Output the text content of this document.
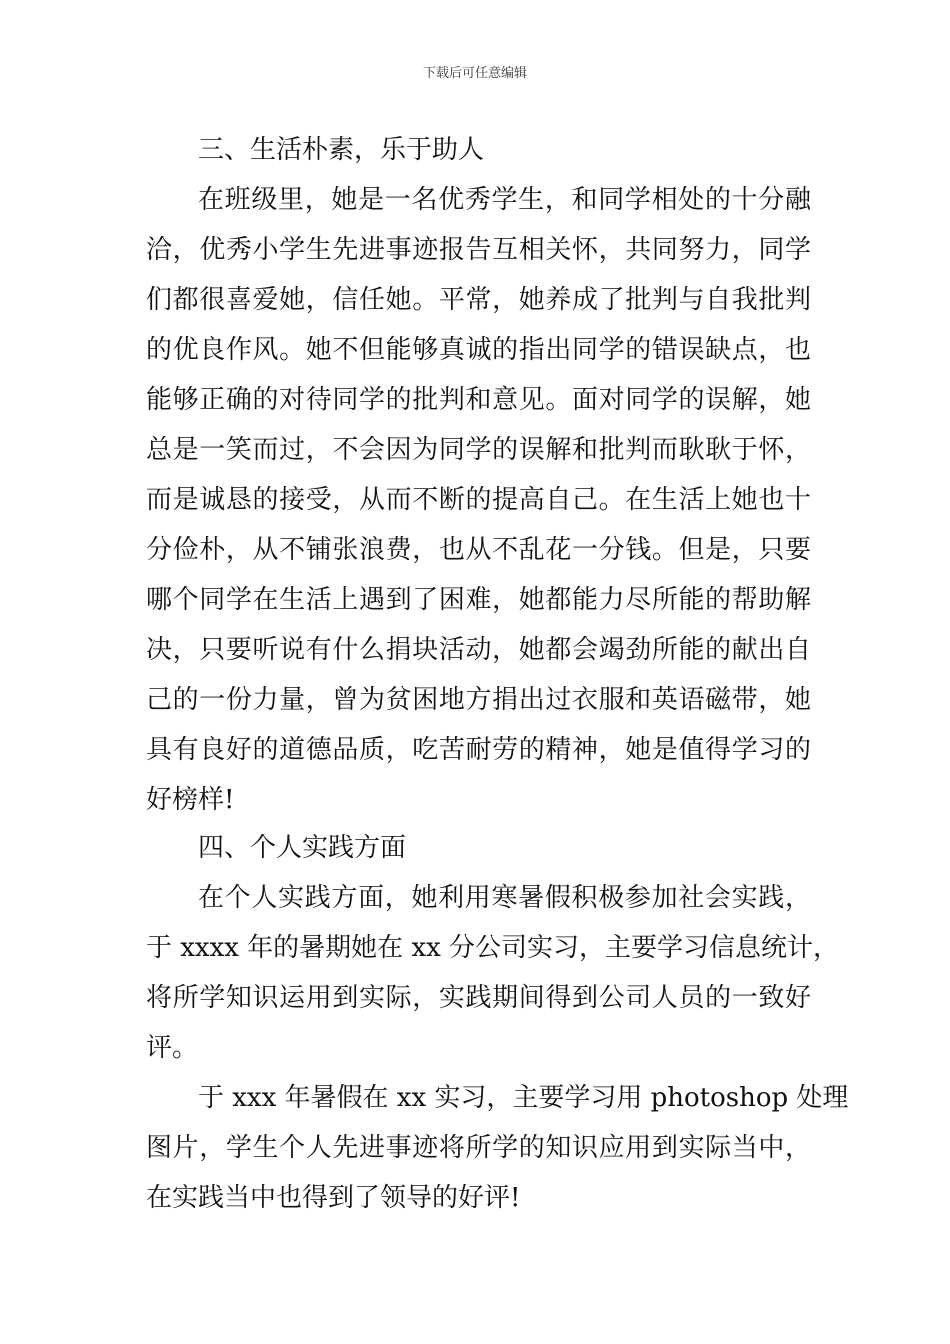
下载后可任意编辑
三、生活朴素，乐于助人
在班级里，她是一名优秀学生，和同学相处的十分融
洽，优秀小学生先进事迹报告互相关怀，共同努力，同学
们都很喜爱她，信任她。平常，她养成了批判与自我批判
的优良作风。她不但能够真诚的指出同学的错误缺点，也
能够正确的对待同学的批判和意见。面对同学的误解，她
总是一笑而过，不会因为同学的误解和批判而耿耿于怀，
而是诚恳的接受，从而不断的提高自己。在生活上她也十
分俭朴，从不铺张浪费，也从不乱花一分钱。但是，只要
哪个同学在生活上遇到了困难，她都能力尽所能的帮助解
决，只要听说有什么捐块活动，她都会竭劲所能的献出自
己的一份力量，曾为贫困地方捐出过衣服和英语磁带，她
具有良好的道德品质，吃苦耐劳的精神，她是值得学习的
好榜样!
四、个人实践方面
在个人实践方面，她利用寒暑假积极参加社会实践，
于 xxxx 年的暑期她在 xx 分公司实习，主要学习信息统计，
将所学知识运用到实际，实践期间得到公司人员的一致好
评。
于 xxx 年暑假在 xx 实习，主要学习用 photoshop 处理
图片，学生个人先进事迹将所学的知识应用到实际当中，
在实践当中也得到了领导的好评!
